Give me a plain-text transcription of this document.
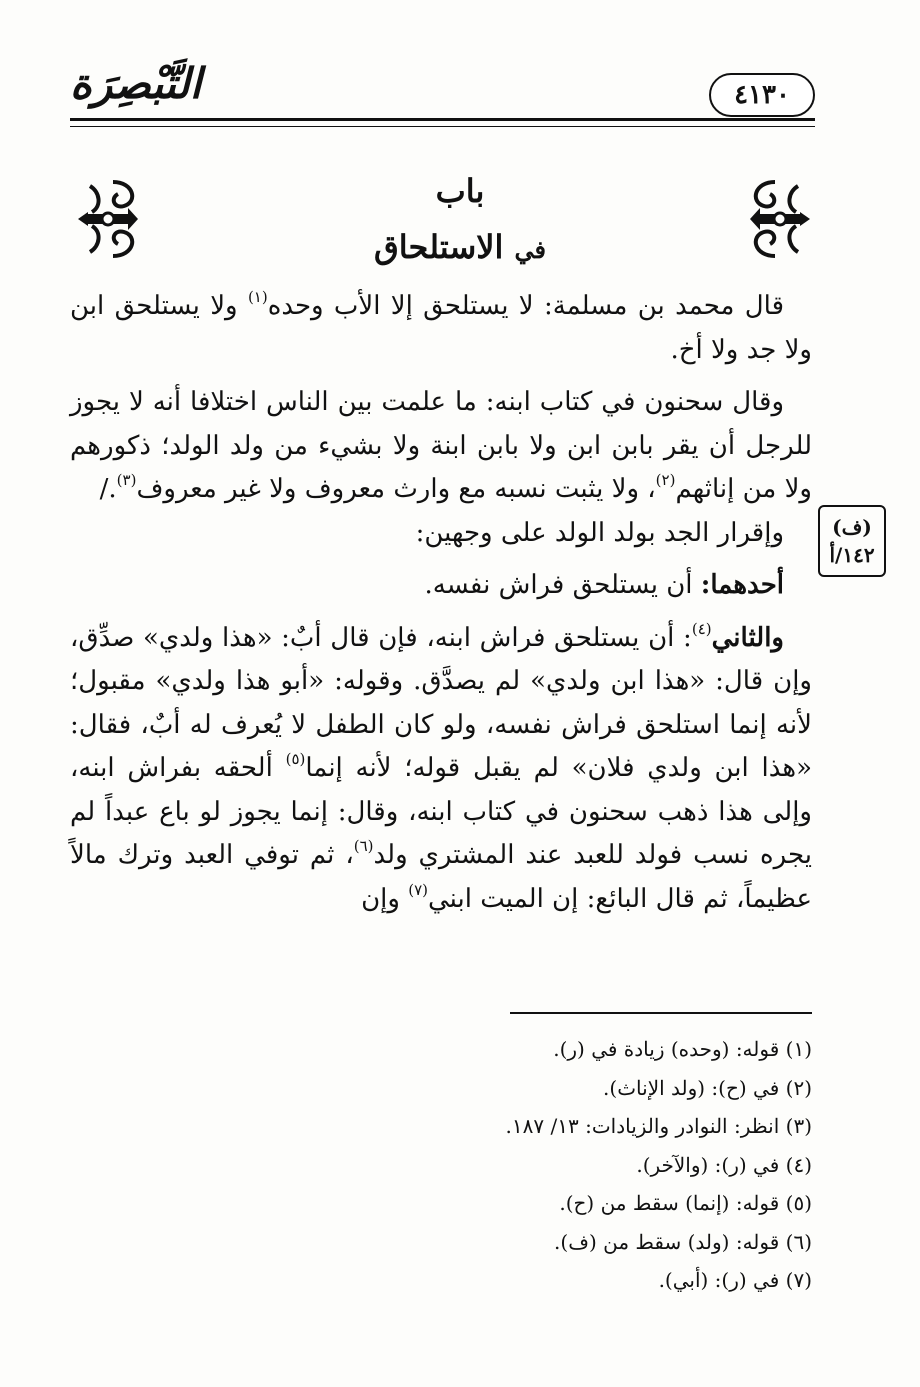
٤١٣٠
التَّبْصِرَة
باب
في الاستلحاق
(ف)
١٤٢/أ

قال محمد بن مسلمة: لا يستلحق إلا الأب وحده$^{(١)}$ ولا يستلحق ابن ولا جد ولا أخ.

وقال سحنون في كتاب ابنه: ما علمت بين الناس اختلافا أنه لا يجوز للرجل أن يقر بابن ابن ولا بابن ابنة ولا بشيء من ولد الولد؛ ذكورهم ولا من إناثهم$^{(٢)}$، ولا يثبت نسبه مع وارث معروف ولا غير معروف$^{(٣)}$./

وإقرار الجد بولد الولد على وجهين:

أحدهما: أن يستلحق فراش نفسه.

والثاني$^{(٤)}$: أن يستلحق فراش ابنه، فإن قال أبٌ: «هذا ولدي» صدِّق، وإن قال: «هذا ابن ولدي» لم يصدَّق. وقوله: «أبو هذا ولدي» مقبول؛ لأنه إنما استلحق فراش نفسه، ولو كان الطفل لا يُعرف له أبٌ، فقال: «هذا ابن ولدي فلان» لم يقبل قوله؛ لأنه إنما$^{(٥)}$ ألحقه بفراش ابنه، وإلى هذا ذهب سحنون في كتاب ابنه، وقال: إنما يجوز لو باع عبداً لم يجره نسب فولد للعبد عند المشتري ولد$^{(٦)}$، ثم توفي العبد وترك مالاً عظيماً، ثم قال البائع: إن الميت ابني$^{(٧)}$ وإن

(١) قوله: (وحده) زيادة في (ر).

(٢) في (ح): (ولد الإناث).

(٣) انظر: النوادر والزيادات: ١٣/ ١٨٧.

(٤) في (ر): (والآخر).

(٥) قوله: (إنما) سقط من (ح).

(٦) قوله: (ولد) سقط من (ف).

(٧) في (ر): (أبي).
